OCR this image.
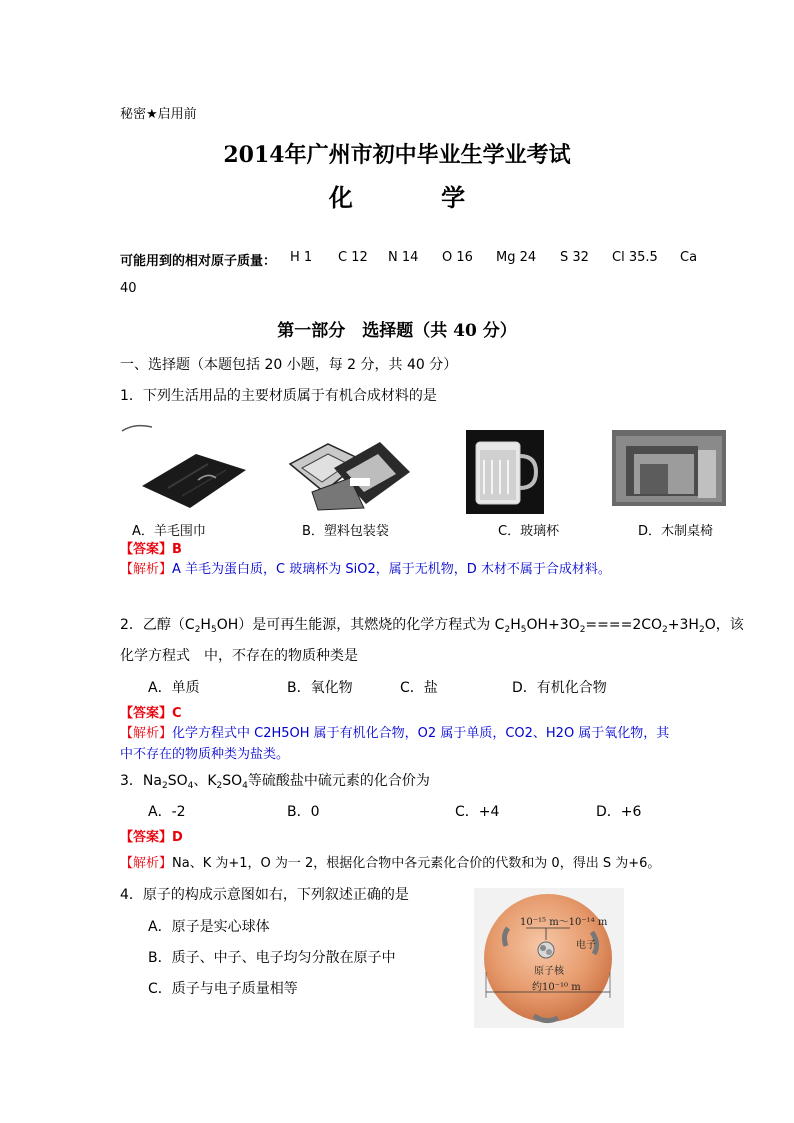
秘密★启用前
2014年广州市初中毕业生学业考试
化 学
可能用到的相对原子质量： H 1 C 12 N 14 O 16 Mg 24 S 32 Cl 35.5 Ca
40
第一部分　选择题（共 40 分）
一、选择题（本题包括 20 小题，每 2 分，共 40 分）
1．下列生活用品的主要材质属于有机合成材料的是
A．羊毛围巾	B．塑料包装袋	C．玻璃杯	D．木制桌椅
【答案】B
【解析】A 羊毛为蛋白质，C 玻璃杯为 SiO2，属于无机物，D 木材不属于合成材料。
2．乙醇$(C_2H_5OH)$是可再生能源，其燃烧的化学方程式为 $C_2H_5OH+3O_2====2CO_2+3H_2O$，该
化学方程式　中，不存在的物质种类是
A．单质	B．氧化物	C．盐	D．有机化合物
【答案】C
【解析】化学方程式中 C2H5OH 属于有机化合物，O2 属于单质，CO2、H2O 属于氧化物，其
中不存在的物质种类为盐类。
3．$Na_2SO_4$、$K_2SO_4$等硫酸盐中硫元素的化合价为
A．-2	B．0	C．+4	D．+6
【答案】D
【解析】Na、K 为+1，O 为一 2，根据化合物中各元素化合价的代数和为 0，得出 S 为+6。
4．原子的构成示意图如右，下列叙述正确的是
A．原子是实心球体
B．质子、中子、电子均匀分散在原子中
C．质子与电子质量相等
10⁻¹⁵ m～10⁻¹⁴ m
电子
原子核
约10⁻¹⁰ m
